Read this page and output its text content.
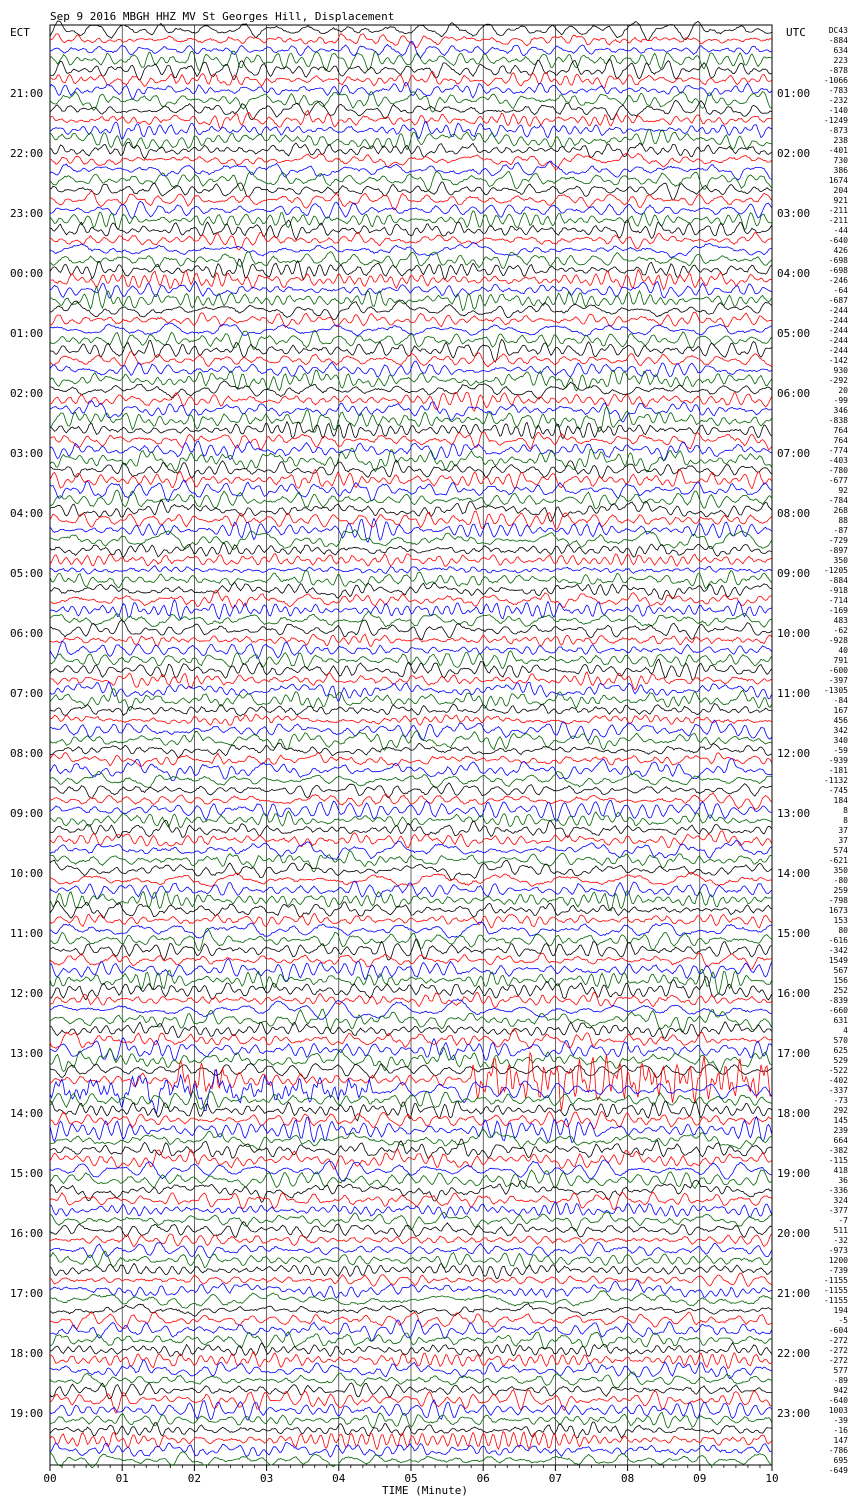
Sep 9 2016 MBGH HHZ MV St Georges Hill, Displacement
ECT	UTC
TIME (Minute)
00	01	02	03	04	05	06	07	08	09	10
21:00
22:00
23:00
00:00
01:00
02:00
03:00
04:00
05:00
06:00
07:00
08:00
09:00
10:00
11:00
12:00
13:00
14:00
15:00
16:00
17:00
18:00
19:00
01:00
02:00
03:00
04:00
05:00
06:00
07:00
08:00
09:00
10:00
11:00
12:00
13:00
14:00
15:00
16:00
17:00
18:00
19:00
20:00
21:00
22:00
23:00
DC43
-884
634
223
-878
-1066
-783
-232
-140
-1249
-873
238
-401
730
386
1674
204
921
-211
-211
-44
-640
426
-698
-698
-246
-64
-687
-244
-244
-244
-244
-244
-142
930
-292
20
-99
346
-838
764
764
-774
-403
-780
-677
92
-784
268
88
-87
-729
-897
350
-1205
-884
-918
-714
-169
483
-62
-928
40
791
-600
-397
-1305
-84
167
456
342
340
-59
-939
-181
-1132
-745
184
8
8
37
37
574
-621
350
-80
259
-798
1673
153
80
-616
-342
1549
567
156
252
-839
-660
631
4
570
625
529
-522
-402
-337
-73
292
145
239
664
-382
-115
418
36
-336
324
-377
-7
511
-32
-973
1200
-739
-1155
-1155
-1155
194
-5
-604
-272
-272
-272
577
-89
942
-640
1003
-39
-16
147
-786
695
-649
